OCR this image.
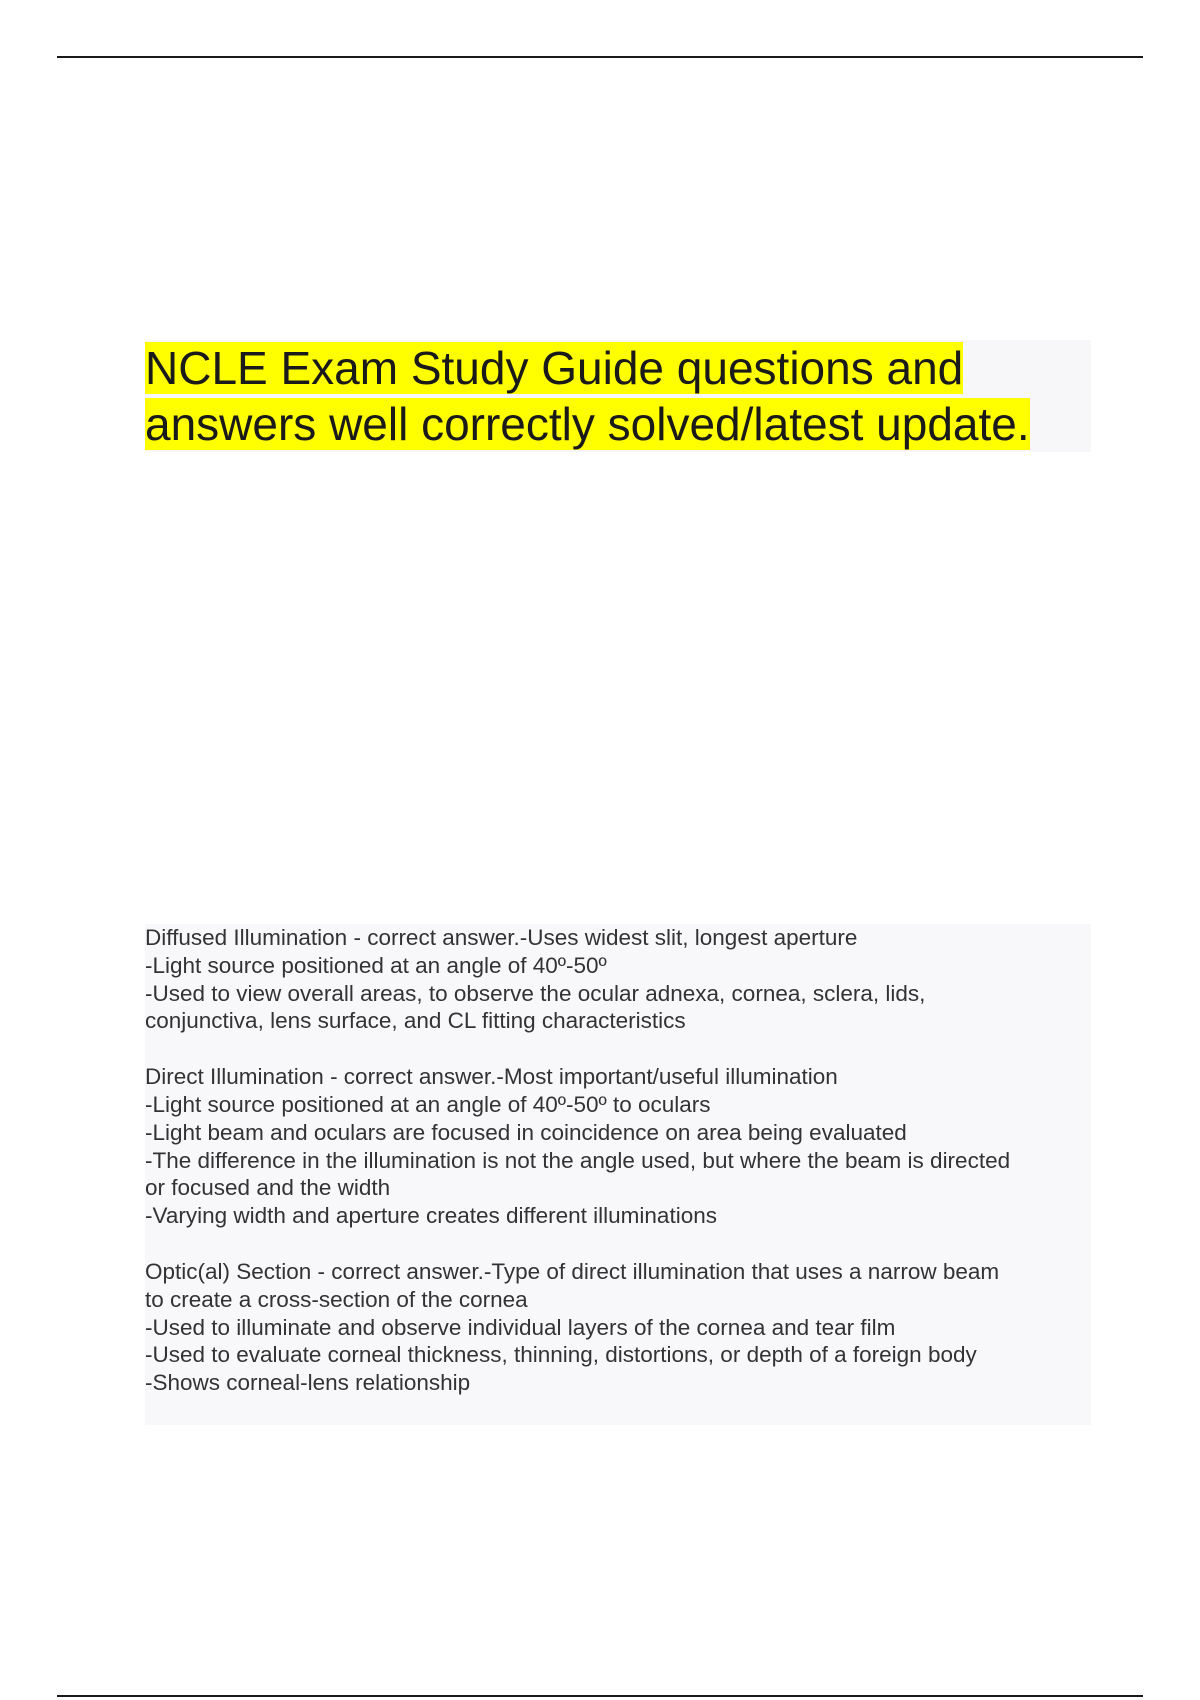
NCLE Exam Study Guide questions and
answers well correctly solved/latest update.
Diffused Illumination - correct answer.-Uses widest slit, longest aperture
-Light source positioned at an angle of 40º-50º
-Used to view overall areas, to observe the ocular adnexa, cornea, sclera, lids,
conjunctiva, lens surface, and CL fitting characteristics
Direct Illumination - correct answer.-Most important/useful illumination
-Light source positioned at an angle of 40º-50º to oculars
-Light beam and oculars are focused in coincidence on area being evaluated
-The difference in the illumination is not the angle used, but where the beam is directed
or focused and the width
-Varying width and aperture creates different illuminations
Optic(al) Section - correct answer.-Type of direct illumination that uses a narrow beam
to create a cross-section of the cornea
-Used to illuminate and observe individual layers of the cornea and tear film
-Used to evaluate corneal thickness, thinning, distortions, or depth of a foreign body
-Shows corneal-lens relationship
